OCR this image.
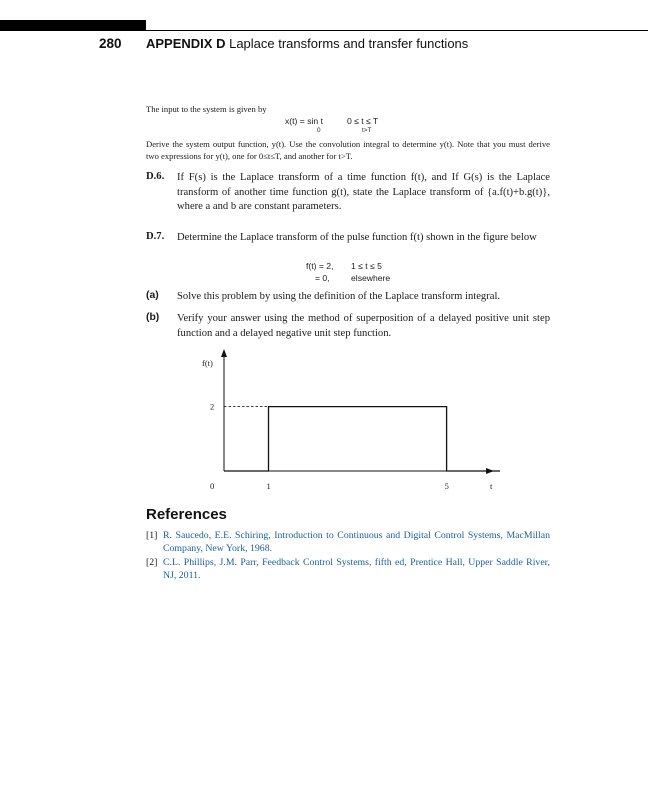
280 APPENDIX D Laplace transforms and transfer functions
The input to the system is given by
x(t) = sin t	0 ≤ t ≤ T
0	t>T
Derive the system output function, y(t). Use the convolution integral to determine y(t). Note that you must derive two expressions for y(t), one for 0≤t≤T, and another for t>T.
D.6. If F(s) is the Laplace transform of a time function f(t), and If G(s) is the Laplace transform of another time function g(t), state the Laplace transform of {a.f(t)+b.g(t)}, where a and b are constant parameters.
D.7. Determine the Laplace transform of the pulse function f(t) shown in the figure below
f(t) = 2, 1 ≤ t ≤ 5
= 0, elsewhere
(a) Solve this problem by using the definition of the Laplace transform integral.
(b) Verify your answer using the method of superposition of a delayed positive unit step function and a delayed negative unit step function.
f(t)
2
0	1	5	t
References
[1] R. Saucedo, E.E. Schiring, Introduction to Continuous and Digital Control Systems, MacMillan Company, New York, 1968.
[2] C.L. Phillips, J.M. Parr, Feedback Control Systems, fifth ed, Prentice Hall, Upper Saddle River, NJ, 2011.
